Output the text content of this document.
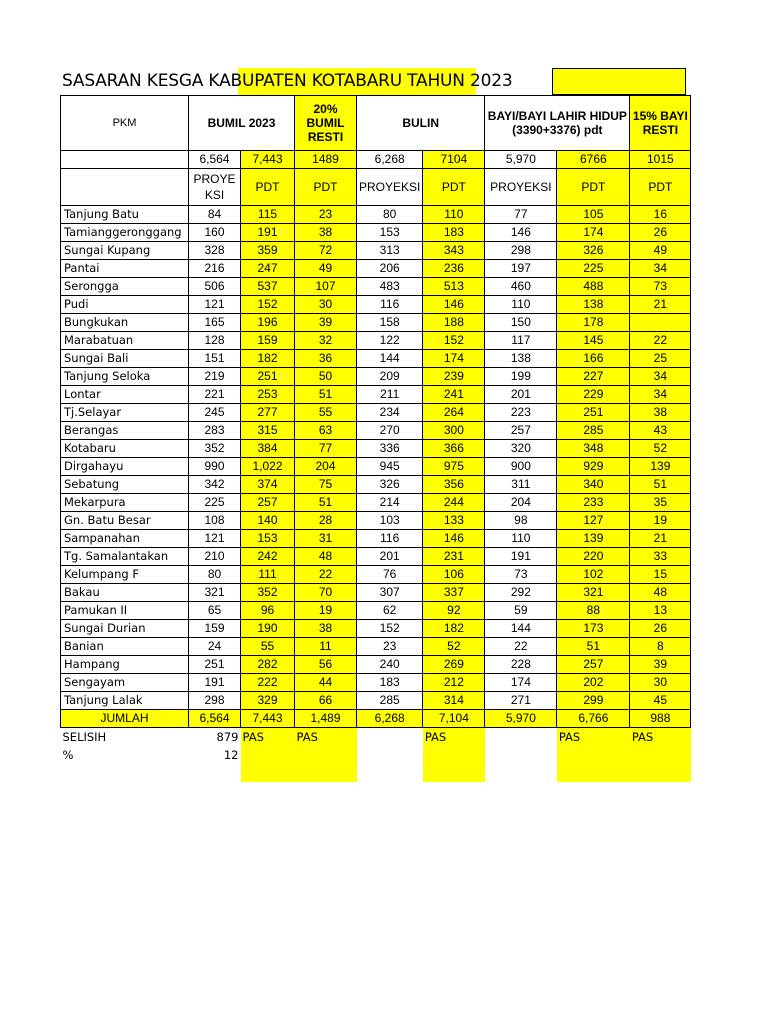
SASARAN KESGA KABUPATEN KOTABARU TAHUN 2023
PKM	BUMIL 2023		20% BUMIL RESTI	BULIN		BAYI/BAYI LAHIR HIDUP (3390+3376) pdt		15% BAYI RESTI
	6,564	7,443	1489	6,268	7104	5,970	6766	1015
	PROYEKSI	PDT	PDT	PROYEKSI	PDT	PROYEKSI	PDT	PDT
Tanjung Batu	84	115	23	80	110	77	105	16
Tamianggeronggang	160	191	38	153	183	146	174	26
Sungai Kupang	328	359	72	313	343	298	326	49
Pantai	216	247	49	206	236	197	225	34
Serongga	506	537	107	483	513	460	488	73
Pudi	121	152	30	116	146	110	138	21
Bungkukan	165	196	39	158	188	150	178	
Marabatuan	128	159	32	122	152	117	145	22
Sungai Bali	151	182	36	144	174	138	166	25
Tanjung Seloka	219	251	50	209	239	199	227	34
Lontar	221	253	51	211	241	201	229	34
Tj.Selayar	245	277	55	234	264	223	251	38
Berangas	283	315	63	270	300	257	285	43
Kotabaru	352	384	77	336	366	320	348	52
Dirgahayu	990	1,022	204	945	975	900	929	139
Sebatung	342	374	75	326	356	311	340	51
Mekarpura	225	257	51	214	244	204	233	35
Gn. Batu Besar	108	140	28	103	133	98	127	19
Sampanahan	121	153	31	116	146	110	139	21
Tg. Samalantakan	210	242	48	201	231	191	220	33
Kelumpang F	80	111	22	76	106	73	102	15
Bakau	321	352	70	307	337	292	321	48
Pamukan II	65	96	19	62	92	59	88	13
Sungai Durian	159	190	38	152	182	144	173	26
Banian	24	55	11	23	52	22	51	8
Hampang	251	282	56	240	269	228	257	39
Sengayam	191	222	44	183	212	174	202	30
Tanjung Lalak	298	329	66	285	314	271	299	45
JUMLAH	6,564	7,443	1,489	6,268	7,104	5,970	6,766	988
SELISIH	879	PAS	PAS		PAS		PAS	PAS
%	12							
